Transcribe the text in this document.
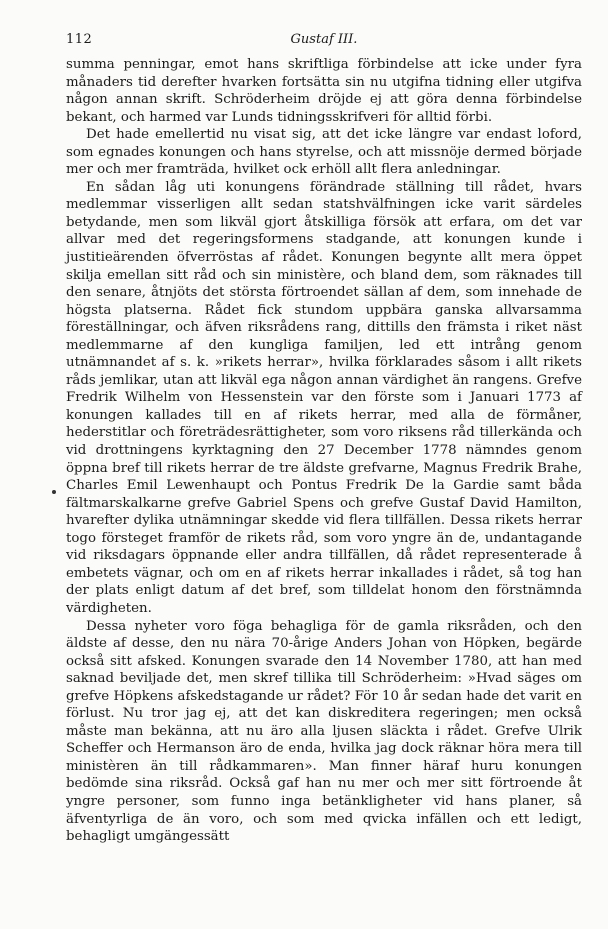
112	Gustaf III.

summa penningar, emot hans skriftliga förbindelse att icke under fyra månaders tid derefter hvarken fortsätta sin nu utgifna tidning eller utgifva någon annan skrift. Schröderheim dröjde ej att göra denna förbindelse bekant, och harmed var Lunds tidningsskrifveri för alltid förbi.

Det hade emellertid nu visat sig, att det icke längre var endast loford, som egnades konungen och hans styrelse, och att missnöje dermed började mer och mer framträda, hvilket ock erhöll allt flera anledningar.

En sådan låg uti konungens förändrade ställning till rådet, hvars medlemmar visserligen allt sedan statshvälfningen icke varit särdeles betydande, men som likväl gjort åtskilliga försök att erfara, om det var allvar med det regeringsformens stadgande, att konungen kunde i justitieärenden öfverröstas af rådet. Konungen begynte allt mera öppet skilja emellan sitt råd och sin ministère, och bland dem, som räknades till den senare, åtnjöts det största förtroendet sällan af dem, som innehade de högsta platserna. Rådet fick stundom uppbära ganska allvarsamma föreställningar, och äfven riksrådens rang, dittills den främsta i riket näst medlemmarne af den kungliga familjen, led ett intrång genom utnämnandet af s. k. »rikets herrar», hvilka förklarades såsom i allt rikets råds jemlikar, utan att likväl ega någon annan värdighet än rangens. Grefve Fredrik Wilhelm von Hessenstein var den förste som i Januari 1773 af konungen kallades till en af rikets herrar, med alla de förmåner, hederstitlar och företrädesrättigheter, som voro riksens råd tillerkända och vid drottningens kyrktagning den 27 December 1778 nämndes genom öppna bref till rikets herrar de tre äldste grefvarne, Magnus Fredrik Brahe, Charles Emil Lewenhaupt och Pontus Fredrik De la Gardie samt båda fältmarskalkarne grefve Gabriel Spens och grefve Gustaf David Hamilton, hvarefter dylika utnämningar skedde vid flera tillfällen. Dessa rikets herrar togo försteget framför de rikets råd, som voro yngre än de, undantagande vid riksdagars öppnande eller andra tillfällen, då rådet representerade å embetets vägnar, och om en af rikets herrar inkallades i rådet, så tog han der plats enligt datum af det bref, som tilldelat honom den förstnämnda värdigheten.

Dessa nyheter voro föga behagliga för de gamla riksråden, och den äldste af desse, den nu nära 70-årige Anders Johan von Höpken, begärde också sitt afsked. Konungen svarade den 14 November 1780, att han med saknad beviljade det, men skref tillika till Schröderheim: »Hvad säges om grefve Höpkens afskedstagande ur rådet? För 10 år sedan hade det varit en förlust. Nu tror jag ej, att det kan diskreditera regeringen; men också måste man bekänna, att nu äro alla ljusen släckta i rådet. Grefve Ulrik Scheffer och Hermanson äro de enda, hvilka jag dock räknar höra mera till ministèren än till rådkammaren». Man finner häraf huru konungen bedömde sina riksråd. Också gaf han nu mer och mer sitt förtroende åt yngre personer, som funno inga betänkligheter vid hans planer, så äfventyrliga de än voro, och som med qvicka infällen och ett ledigt, behagligt umgängessätt
